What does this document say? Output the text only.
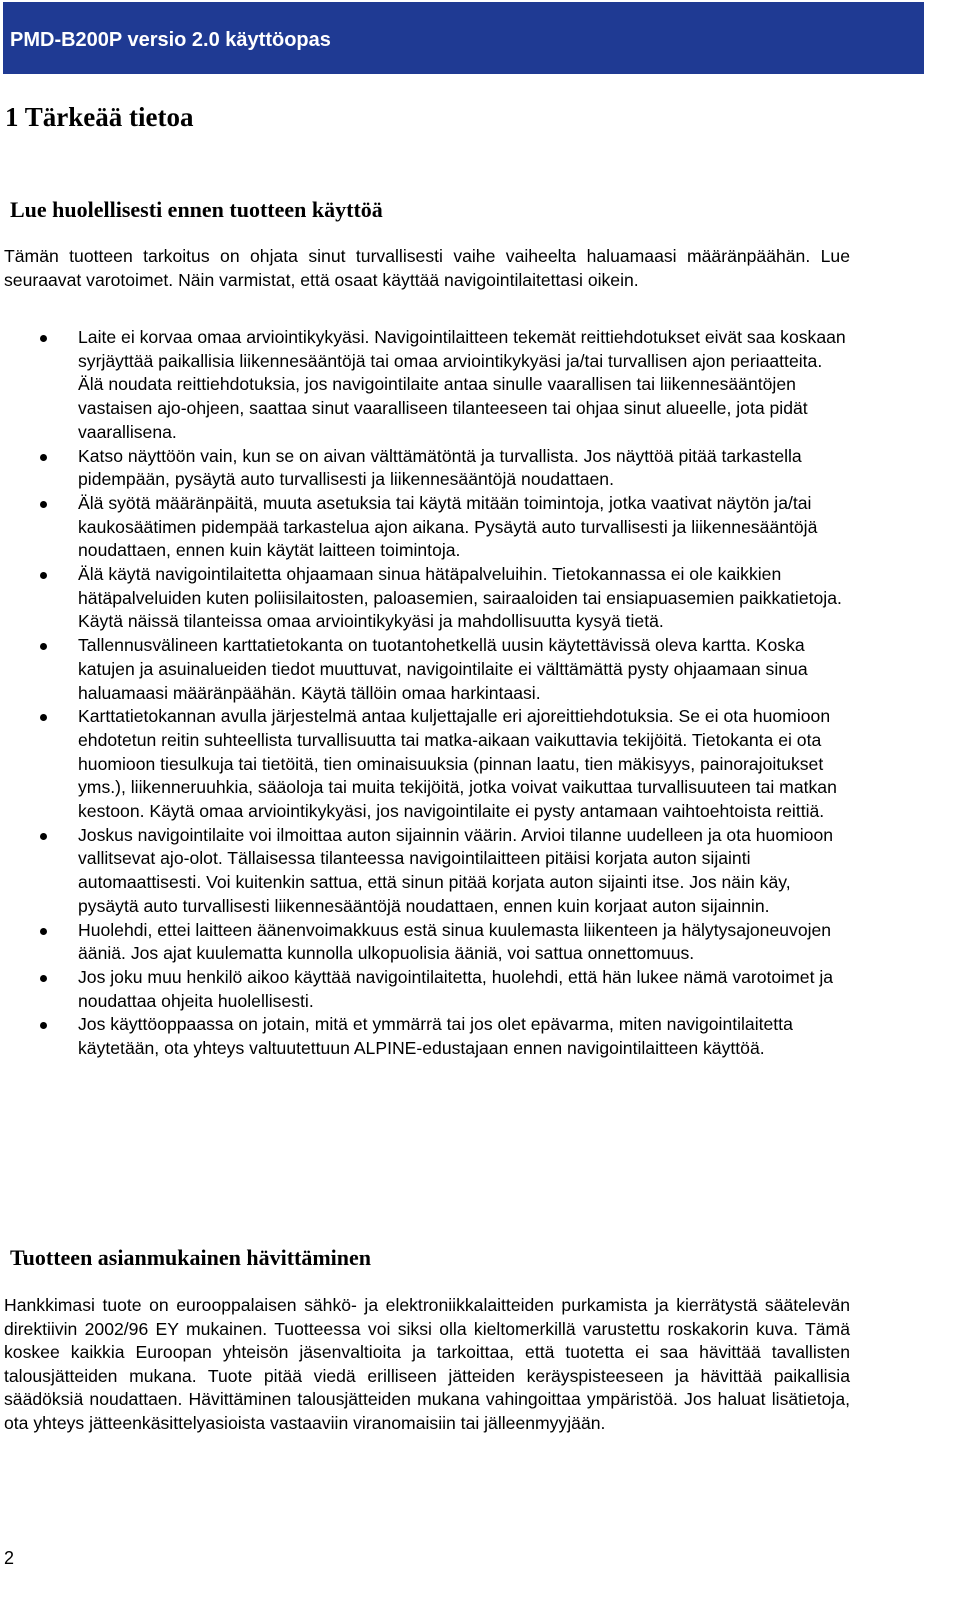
PMD-B200P versio 2.0 käyttöopas
1 Tärkeää tietoa
Lue huolellisesti ennen tuotteen käyttöä

Tämän tuotteen tarkoitus on ohjata sinut turvallisesti vaihe vaiheelta haluamaasi määränpäähän. Lue seuraavat varotoimet. Näin varmistat, että osaat käyttää navigointilaitettasi oikein.

Laite ei korvaa omaa arviointikykyäsi. Navigointilaitteen tekemät reittiehdotukset eivät saa koskaan syrjäyttää paikallisia liikennesääntöjä tai omaa arviointikykyäsi ja/tai turvallisen ajon periaatteita. Älä noudata reittiehdotuksia, jos navigointilaite antaa sinulle vaarallisen tai liikennesääntöjen vastaisen ajo-ohjeen, saattaa sinut vaaralliseen tilanteeseen tai ohjaa sinut alueelle, jota pidät vaarallisena.
Katso näyttöön vain, kun se on aivan välttämätöntä ja turvallista. Jos näyttöä pitää tarkastella pidempään, pysäytä auto turvallisesti ja liikennesääntöjä noudattaen.
Älä syötä määränpäitä, muuta asetuksia tai käytä mitään toimintoja, jotka vaativat näytön ja/tai kaukosäätimen pidempää tarkastelua ajon aikana. Pysäytä auto turvallisesti ja liikennesääntöjä noudattaen, ennen kuin käytät laitteen toimintoja.
Älä käytä navigointilaitetta ohjaamaan sinua hätäpalveluihin. Tietokannassa ei ole kaikkien hätäpalveluiden kuten poliisilaitosten, paloasemien, sairaaloiden tai ensiapuasemien paikkatietoja. Käytä näissä tilanteissa omaa arviointikykyäsi ja mahdollisuutta kysyä tietä.
Tallennusvälineen karttatietokanta on tuotantohetkellä uusin käytettävissä oleva kartta. Koska katujen ja asuinalueiden tiedot muuttuvat, navigointilaite ei välttämättä pysty ohjaamaan sinua haluamaasi määränpäähän. Käytä tällöin omaa harkintaasi.
Karttatietokannan avulla järjestelmä antaa kuljettajalle eri ajoreittiehdotuksia. Se ei ota huomioon ehdotetun reitin suhteellista turvallisuutta tai matka-aikaan vaikuttavia tekijöitä. Tietokanta ei ota huomioon tiesulkuja tai tietöitä, tien ominaisuuksia (pinnan laatu, tien mäkisyys, painorajoitukset yms.), liikenneruuhkia, sääoloja tai muita tekijöitä, jotka voivat vaikuttaa turvallisuuteen tai matkan kestoon. Käytä omaa arviointikykyäsi, jos navigointilaite ei pysty antamaan vaihtoehtoista reittiä.
Joskus navigointilaite voi ilmoittaa auton sijainnin väärin. Arvioi tilanne uudelleen ja ota huomioon vallitsevat ajo-olot. Tällaisessa tilanteessa navigointilaitteen pitäisi korjata auton sijainti automaattisesti. Voi kuitenkin sattua, että sinun pitää korjata auton sijainti itse. Jos näin käy, pysäytä auto turvallisesti liikennesääntöjä noudattaen, ennen kuin korjaat auton sijainnin.
Huolehdi, ettei laitteen äänenvoimakkuus estä sinua kuulemasta liikenteen ja hälytysajoneuvojen ääniä. Jos ajat kuulematta kunnolla ulkopuolisia ääniä, voi sattua onnettomuus.
Jos joku muu henkilö aikoo käyttää navigointilaitetta, huolehdi, että hän lukee nämä varotoimet ja noudattaa ohjeita huolellisesti.
Jos käyttöoppaassa on jotain, mitä et ymmärrä tai jos olet epävarma, miten navigointilaitetta käytetään, ota yhteys valtuutettuun ALPINE-edustajaan ennen navigointilaitteen käyttöä.
Tuotteen asianmukainen hävittäminen

Hankkimasi tuote on eurooppalaisen sähkö- ja elektroniikkalaitteiden purkamista ja kierrätystä säätelevän direktiivin 2002/96 EY mukainen. Tuotteessa voi siksi olla kieltomerkillä varustettu roskakorin kuva. Tämä koskee kaikkia Euroopan yhteisön jäsenvaltioita ja tarkoittaa, että tuotetta ei saa hävittää tavallisten talousjätteiden mukana. Tuote pitää viedä erilliseen jätteiden keräyspisteeseen ja hävittää paikallisia säädöksiä noudattaen. Hävittäminen talousjätteiden mukana vahingoittaa ympäristöä. Jos haluat lisätietoja, ota yhteys jätteenkäsittelyasioista vastaaviin viranomaisiin tai jälleenmyyjään.

2
